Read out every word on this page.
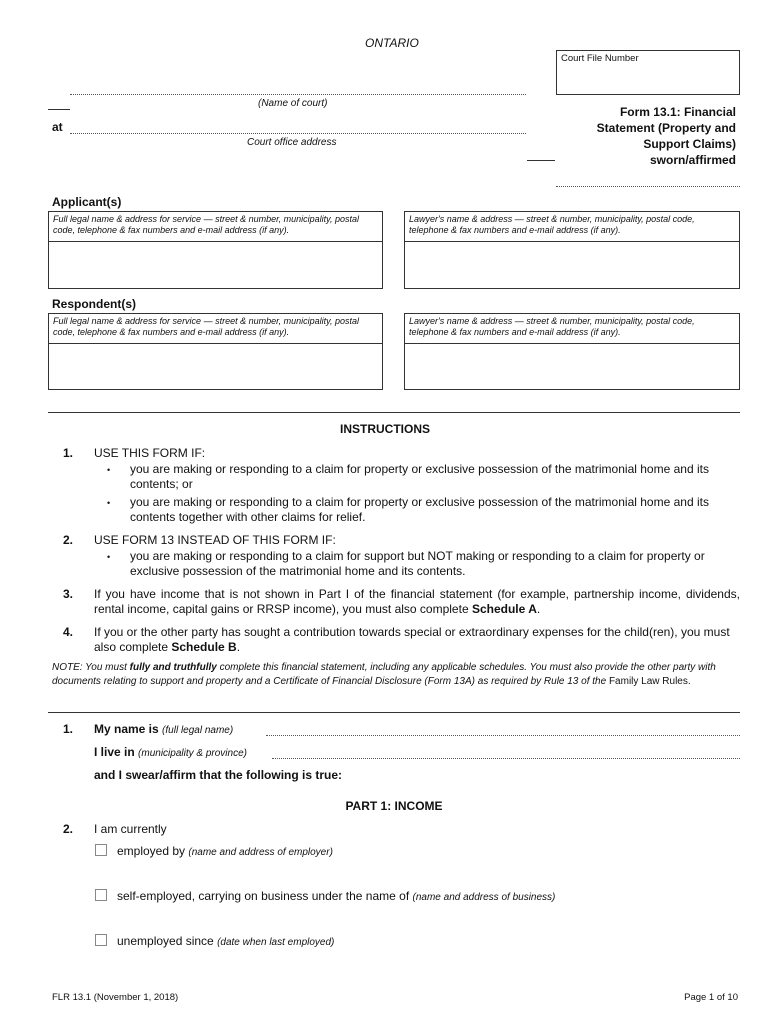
ONTARIO
Court File Number
(Name of court)
at
Court office address
Form 13.1: Financial
Statement (Property and
Support Claims)
sworn/affirmed
Applicant(s)
Full legal name & address for service — street & number, municipality, postal code, telephone & fax numbers and e-mail address (if any).
Lawyer's name & address — street & number, municipality, postal code, telephone & fax numbers and e-mail address (if any).
Respondent(s)
Full legal name & address for service — street & number, municipality, postal code, telephone & fax numbers and e-mail address (if any).
Lawyer's name & address — street & number, municipality, postal code, telephone & fax numbers and e-mail address (if any).
INSTRUCTIONS
1. USE THIS FORM IF:
• you are making or responding to a claim for property or exclusive possession of the matrimonial home and its contents; or
• you are making or responding to a claim for property or exclusive possession of the matrimonial home and its contents together with other claims for relief.
2. USE FORM 13 INSTEAD OF THIS FORM IF:
• you are making or responding to a claim for support but NOT making or responding to a claim for property or exclusive possession of the matrimonial home and its contents.
3. If you have income that is not shown in Part I of the financial statement (for example, partnership income, dividends, rental income, capital gains or RRSP income), you must also complete Schedule A.
4. If you or the other party has sought a contribution towards special or extraordinary expenses for the child(ren), you must also complete Schedule B.
NOTE: You must fully and truthfully complete this financial statement, including any applicable schedules. You must also provide the other party with documents relating to support and property and a Certificate of Financial Disclosure (Form 13A) as required by Rule 13 of the Family Law Rules.
1. My name is (full legal name)
I live in (municipality & province)
and I swear/affirm that the following is true:
PART 1: INCOME
2. I am currently
employed by (name and address of employer)
self-employed, carrying on business under the name of (name and address of business)
unemployed since (date when last employed)
FLR 13.1 (November 1, 2018)	Page 1 of 10
